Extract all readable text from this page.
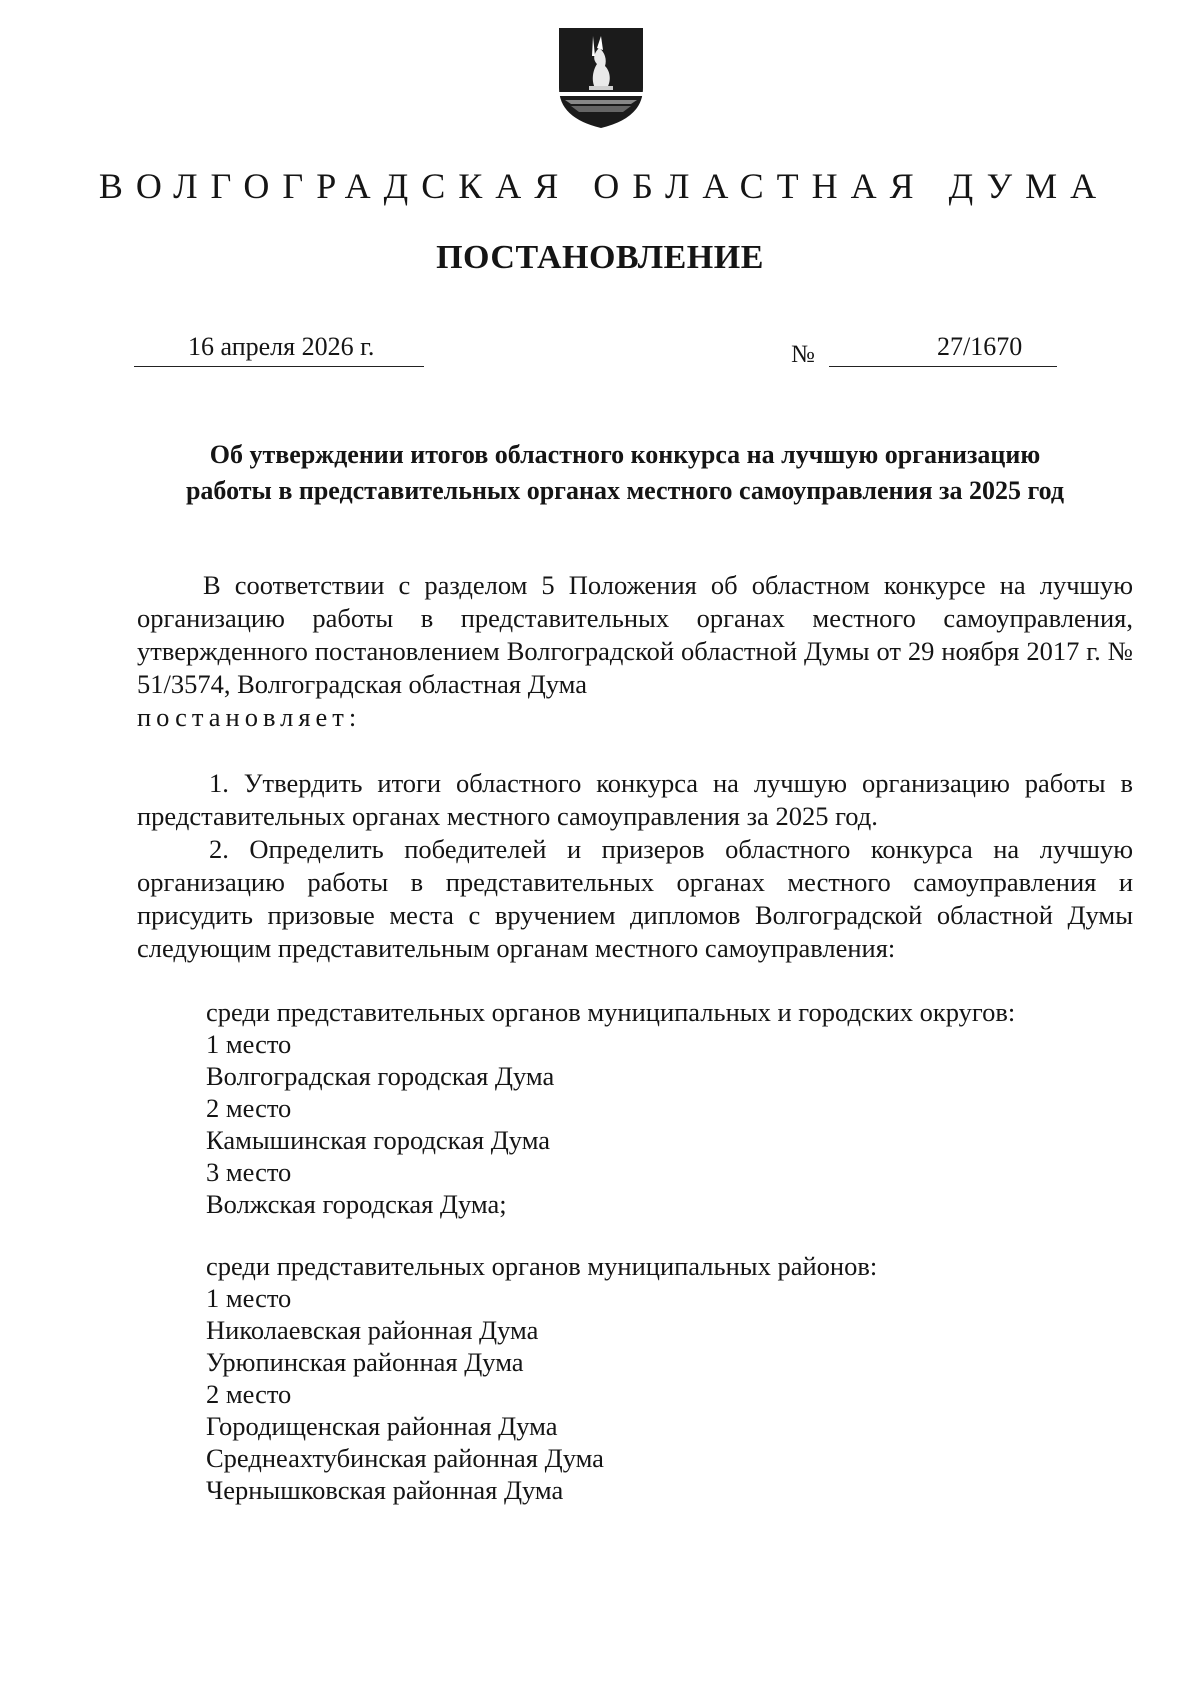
ВОЛГОГРАДСКАЯ ОБЛАСТНАЯ ДУМА
ПОСТАНОВЛЕНИЕ
16 апреля 2026 г.	№	27/1670
Об утверждении итогов областного конкурса на лучшую организацию
работы в представительных органах местного самоуправления за 2025 год

В соответствии с разделом 5 Положения об областном конкурсе на лучшую организацию работы в представительных органах местного самоуправления, утвержденного постановлением Волгоградской областной Думы от 29 ноября 2017 г. № 51/3574, Волгоградская областная Дума
постановляет:

1. Утвердить итоги областного конкурса на лучшую организацию работы в представительных органах местного самоуправления за 2025 год.

2. Определить победителей и призеров областного конкурса на лучшую организацию работы в представительных органах местного самоуправления и присудить призовые места с вручением дипломов Волгоградской областной Думы следующим представительным органам местного самоуправления:

среди представительных органов муниципальных и городских округов:
1 место
Волгоградская городская Дума
2 место
Камышинская городская Дума
3 место
Волжская городская Дума;
среди представительных органов муниципальных районов:
1 место
Николаевская районная Дума
Урюпинская районная Дума
2 место
Городищенская районная Дума
Среднеахтубинская районная Дума
Чернышковская районная Дума
